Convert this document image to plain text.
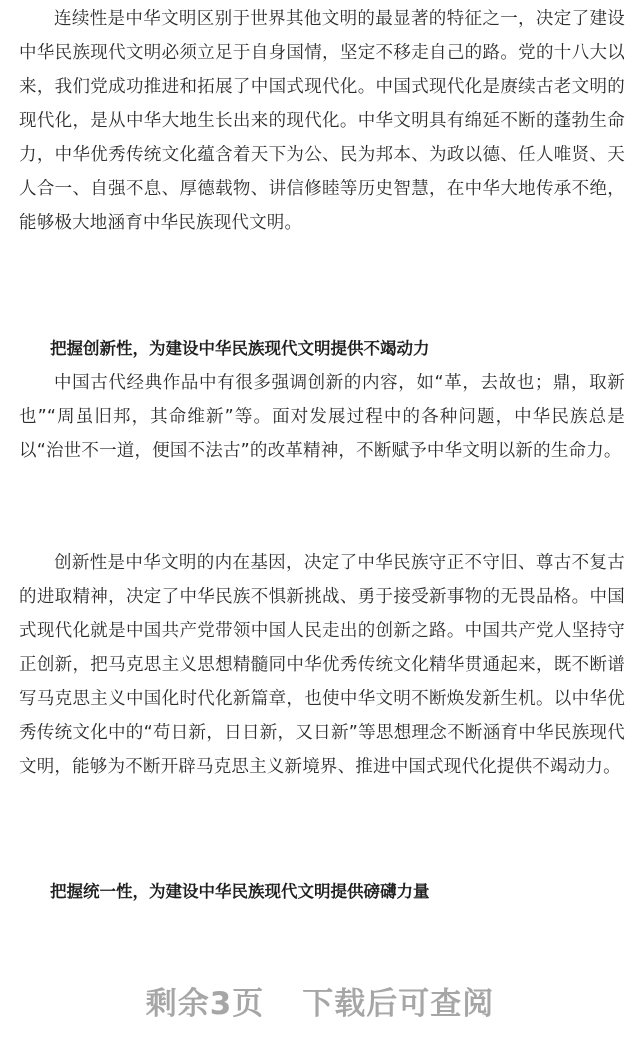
连续性是中华文明区别于世界其他文明的最显著的特征之一，决定了建设中华民族现代文明必须立足于自身国情，坚定不移走自己的路。党的十八大以来，我们党成功推进和拓展了中国式现代化。中国式现代化是赓续古老文明的现代化，是从中华大地生长出来的现代化。中华文明具有绵延不断的蓬勃生命力，中华优秀传统文化蕴含着天下为公、民为邦本、为政以德、任人唯贤、天人合一、自强不息、厚德载物、讲信修睦等历史智慧，在中华大地传承不绝，能够极大地涵育中华民族现代文明。

把握创新性，为建设中华民族现代文明提供不竭动力

中国古代经典作品中有很多强调创新的内容，如“革，去故也；鼎，取新也”“周虽旧邦，其命维新”等。面对发展过程中的各种问题，中华民族总是以“治世不一道，便国不法古”的改革精神，不断赋予中华文明以新的生命力。

创新性是中华文明的内在基因，决定了中华民族守正不守旧、尊古不复古的进取精神，决定了中华民族不惧新挑战、勇于接受新事物的无畏品格。中国式现代化就是中国共产党带领中国人民走出的创新之路。中国共产党人坚持守正创新，把马克思主义思想精髓同中华优秀传统文化精华贯通起来，既不断谱写马克思主义中国化时代化新篇章，也使中华文明不断焕发新生机。以中华优秀传统文化中的“苟日新，日日新，又日新”等思想理念不断涵育中华民族现代文明，能够为不断开辟马克思主义新境界、推进中国式现代化提供不竭动力。

把握统一性，为建设中华民族现代文明提供磅礴力量

剩余3页 下载后可查阅
